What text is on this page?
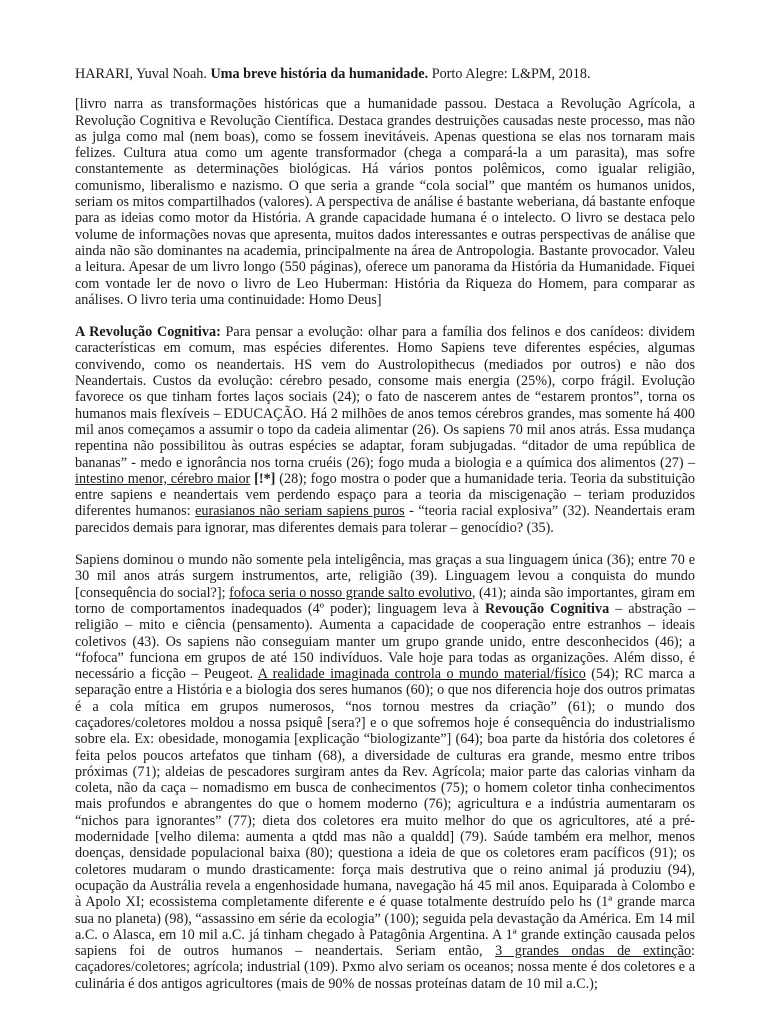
HARARI, Yuval Noah. Uma breve história da humanidade. Porto Alegre: L&PM, 2018.

[livro narra as transformações históricas que a humanidade passou. Destaca a Revolução Agrícola, a Revolução Cognitiva e Revolução Científica. Destaca grandes destruições causadas neste processo, mas não as julga como mal (nem boas), como se fossem inevitáveis. Apenas questiona se elas nos tornaram mais felizes. Cultura atua como um agente transformador (chega a compará-la a um parasita), mas sofre constantemente as determinações biológicas. Há vários pontos polêmicos, como igualar religião, comunismo, liberalismo e nazismo. O que seria a grande “cola social” que mantém os humanos unidos, seriam os mitos compartilhados (valores). A perspectiva de análise é bastante weberiana, dá bastante enfoque para as ideias como motor da História. A grande capacidade humana é o intelecto. O livro se destaca pelo volume de informações novas que apresenta, muitos dados interessantes e outras perspectivas de análise que ainda não são dominantes na academia, principalmente na área de Antropologia. Bastante provocador. Valeu a leitura. Apesar de um livro longo (550 páginas), oferece um panorama da História da Humanidade. Fiquei com vontade ler de novo o livro de Leo Huberman: História da Riqueza do Homem, para comparar as análises. O livro teria uma continuidade: Homo Deus]

A Revolução Cognitiva: Para pensar a evolução: olhar para a família dos felinos e dos canídeos: dividem características em comum, mas espécies diferentes. Homo Sapiens teve diferentes espécies, algumas convivendo, como os neandertais. HS vem do Austrolopithecus (mediados por outros) e não dos Neandertais. Custos da evolução: cérebro pesado, consome mais energia (25%), corpo frágil. Evolução favorece os que tinham fortes laços sociais (24); o fato de nascerem antes de “estarem prontos”, torna os humanos mais flexíveis – EDUCAÇÃO. Há 2 milhões de anos temos cérebros grandes, mas somente há 400 mil anos começamos a assumir o topo da cadeia alimentar (26). Os sapiens 70 mil anos atrás. Essa mudança repentina não possibilitou às outras espécies se adaptar, foram subjugadas. “ditador de uma república de bananas” - medo e ignorância nos torna cruéis (26); fogo muda a biologia e a química dos alimentos (27) – intestino menor, cérebro maior [!*] (28); fogo mostra o poder que a humanidade teria. Teoria da substituição entre sapiens e neandertais vem perdendo espaço para a teoria da miscigenação – teriam produzidos diferentes humanos: eurasianos não seriam sapiens puros - “teoria racial explosiva” (32). Neandertais eram parecidos demais para ignorar, mas diferentes demais para tolerar – genocídio? (35).

Sapiens dominou o mundo não somente pela inteligência, mas graças a sua linguagem única (36); entre 70 e 30 mil anos atrás surgem instrumentos, arte, religião (39). Linguagem levou a conquista do mundo [consequência do social?]; fofoca seria o nosso grande salto evolutivo, (41); ainda são importantes, giram em torno de comportamentos inadequados (4º poder); linguagem leva à Revoução Cognitiva – abstração – religião – mito e ciência (pensamento). Aumenta a capacidade de cooperação entre estranhos – ideais coletivos (43). Os sapiens não conseguiam manter um grupo grande unido, entre desconhecidos (46); a “fofoca” funciona em grupos de até 150 indivíduos. Vale hoje para todas as organizações. Além disso, é necessário a ficção – Peugeot. A realidade imaginada controla o mundo material/físico (54); RC marca a separação entre a História e a biologia dos seres humanos (60); o que nos diferencia hoje dos outros primatas é a cola mítica em grupos numerosos, “nos tornou mestres da criação” (61); o mundo dos caçadores/coletores moldou a nossa psiquê [sera?] e o que sofremos hoje é consequência do industrialismo sobre ela. Ex: obesidade, monogamia [explicação “biologizante”] (64); boa parte da história dos coletores é feita pelos poucos artefatos que tinham (68), a diversidade de culturas era grande, mesmo entre tribos próximas (71); aldeias de pescadores surgiram antes da Rev. Agrícola; maior parte das calorias vinham da coleta, não da caça – nomadismo em busca de conhecimentos (75); o homem coletor tinha conhecimentos mais profundos e abrangentes do que o homem moderno (76); agricultura e a indústria aumentaram os “nichos para ignorantes” (77); dieta dos coletores era muito melhor do que os agricultores, até a pré-modernidade [velho dilema: aumenta a qtdd mas não a qualdd] (79). Saúde também era melhor, menos doenças, densidade populacional baixa (80); questiona a ideia de que os coletores eram pacíficos (91); os coletores mudaram o mundo drasticamente: força mais destrutiva que o reino animal já produziu (94), ocupação da Austrália revela a engenhosidade humana, navegação há 45 mil anos. Equiparada à Colombo e à Apolo XI; ecossistema completamente diferente e é quase totalmente destruído pelo hs (1ª grande marca sua no planeta) (98), “assassino em série da ecologia” (100); seguida pela devastação da América. Em 14 mil a.C. o Alasca, em 10 mil a.C. já tinham chegado à Patagônia Argentina. A 1ª grande extinção causada pelos sapiens foi de outros humanos – neandertais. Seriam então, 3 grandes ondas de extinção: caçadores/coletores; agrícola; industrial (109). Pxmo alvo seriam os oceanos; nossa mente é dos coletores e a culinária é dos antigos agricultores (mais de 90% de nossas proteínas datam de 10 mil a.C.);
